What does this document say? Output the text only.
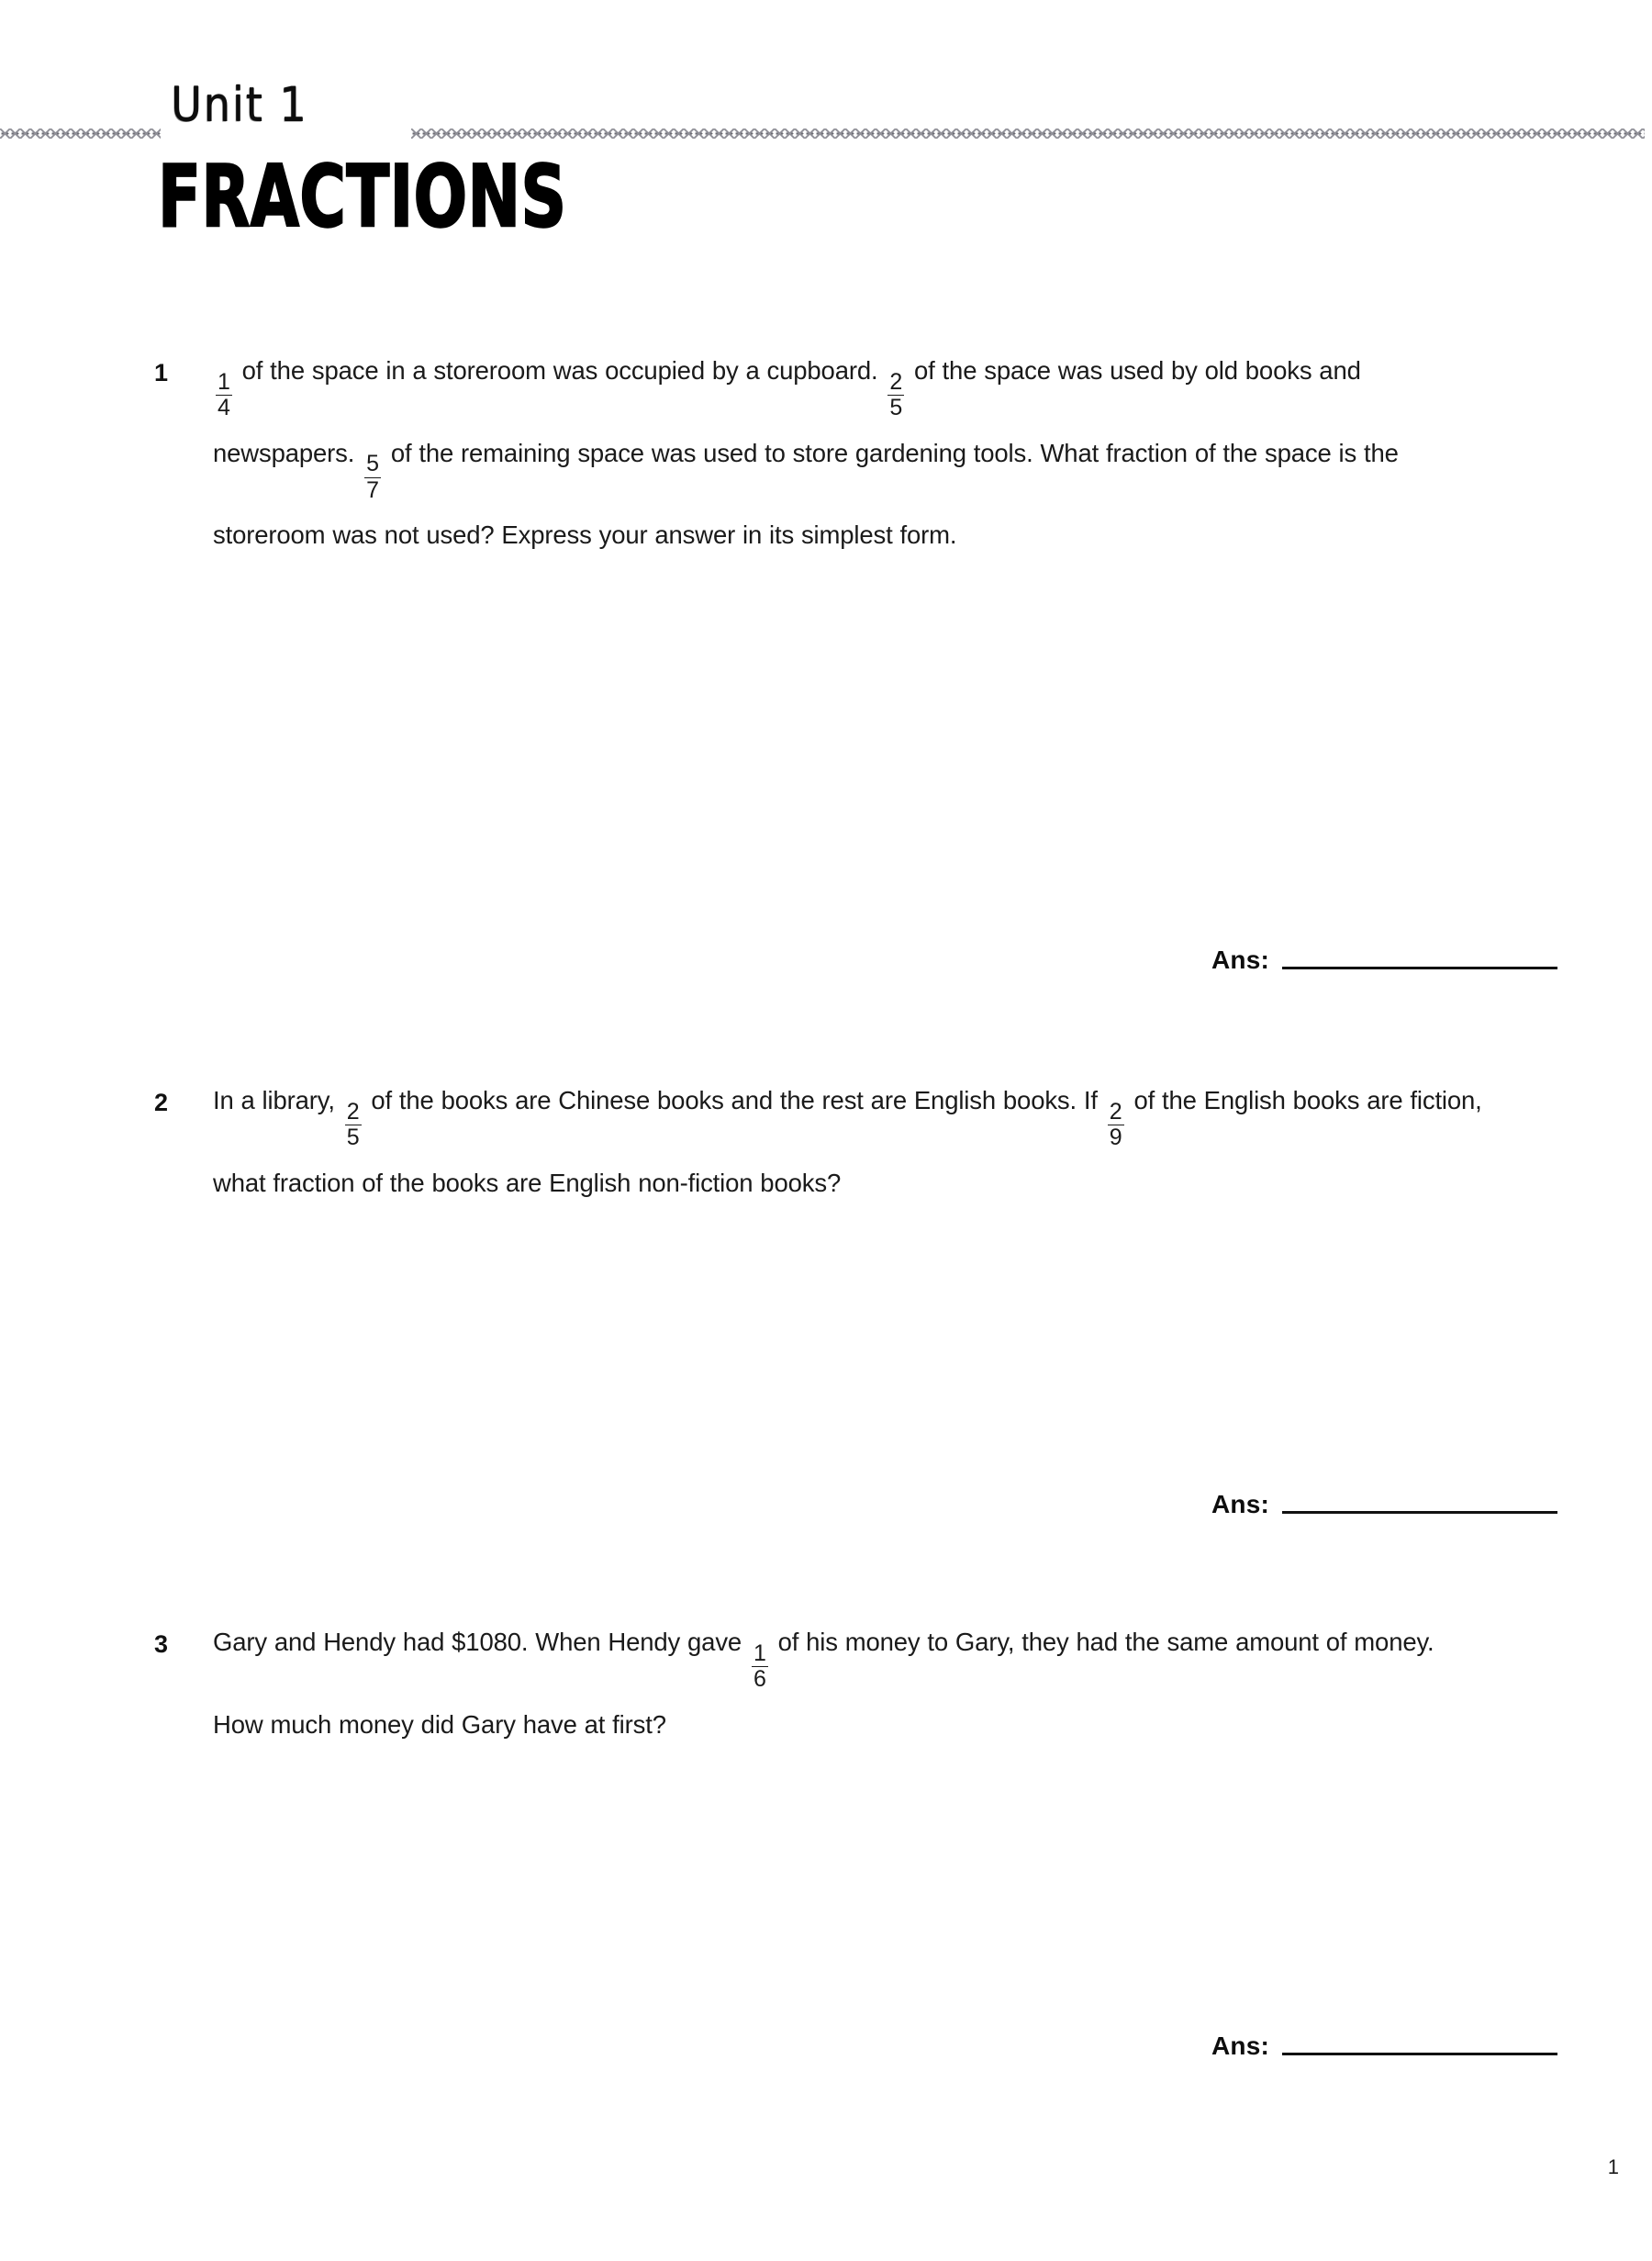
Unit 1
FRACTIONS
1	$\frac{1}{4}$ of the space in a storeroom was occupied by a cupboard. $\frac{2}{5}$ of the space was used by old books and newspapers. $\frac{5}{7}$ of the remaining space was used to store gardening tools. What fraction of the space is the storeroom was not used? Express your answer in its simplest form.
Ans:
2	In a library, $\frac{2}{5}$ of the books are Chinese books and the rest are English books. If $\frac{2}{9}$ of the English books are fiction, what fraction of the books are English non-fiction books?
Ans:
3	Gary and Hendy had $1080. When Hendy gave $\frac{1}{6}$ of his money to Gary, they had the same amount of money. How much money did Gary have at first?
Ans:
1
